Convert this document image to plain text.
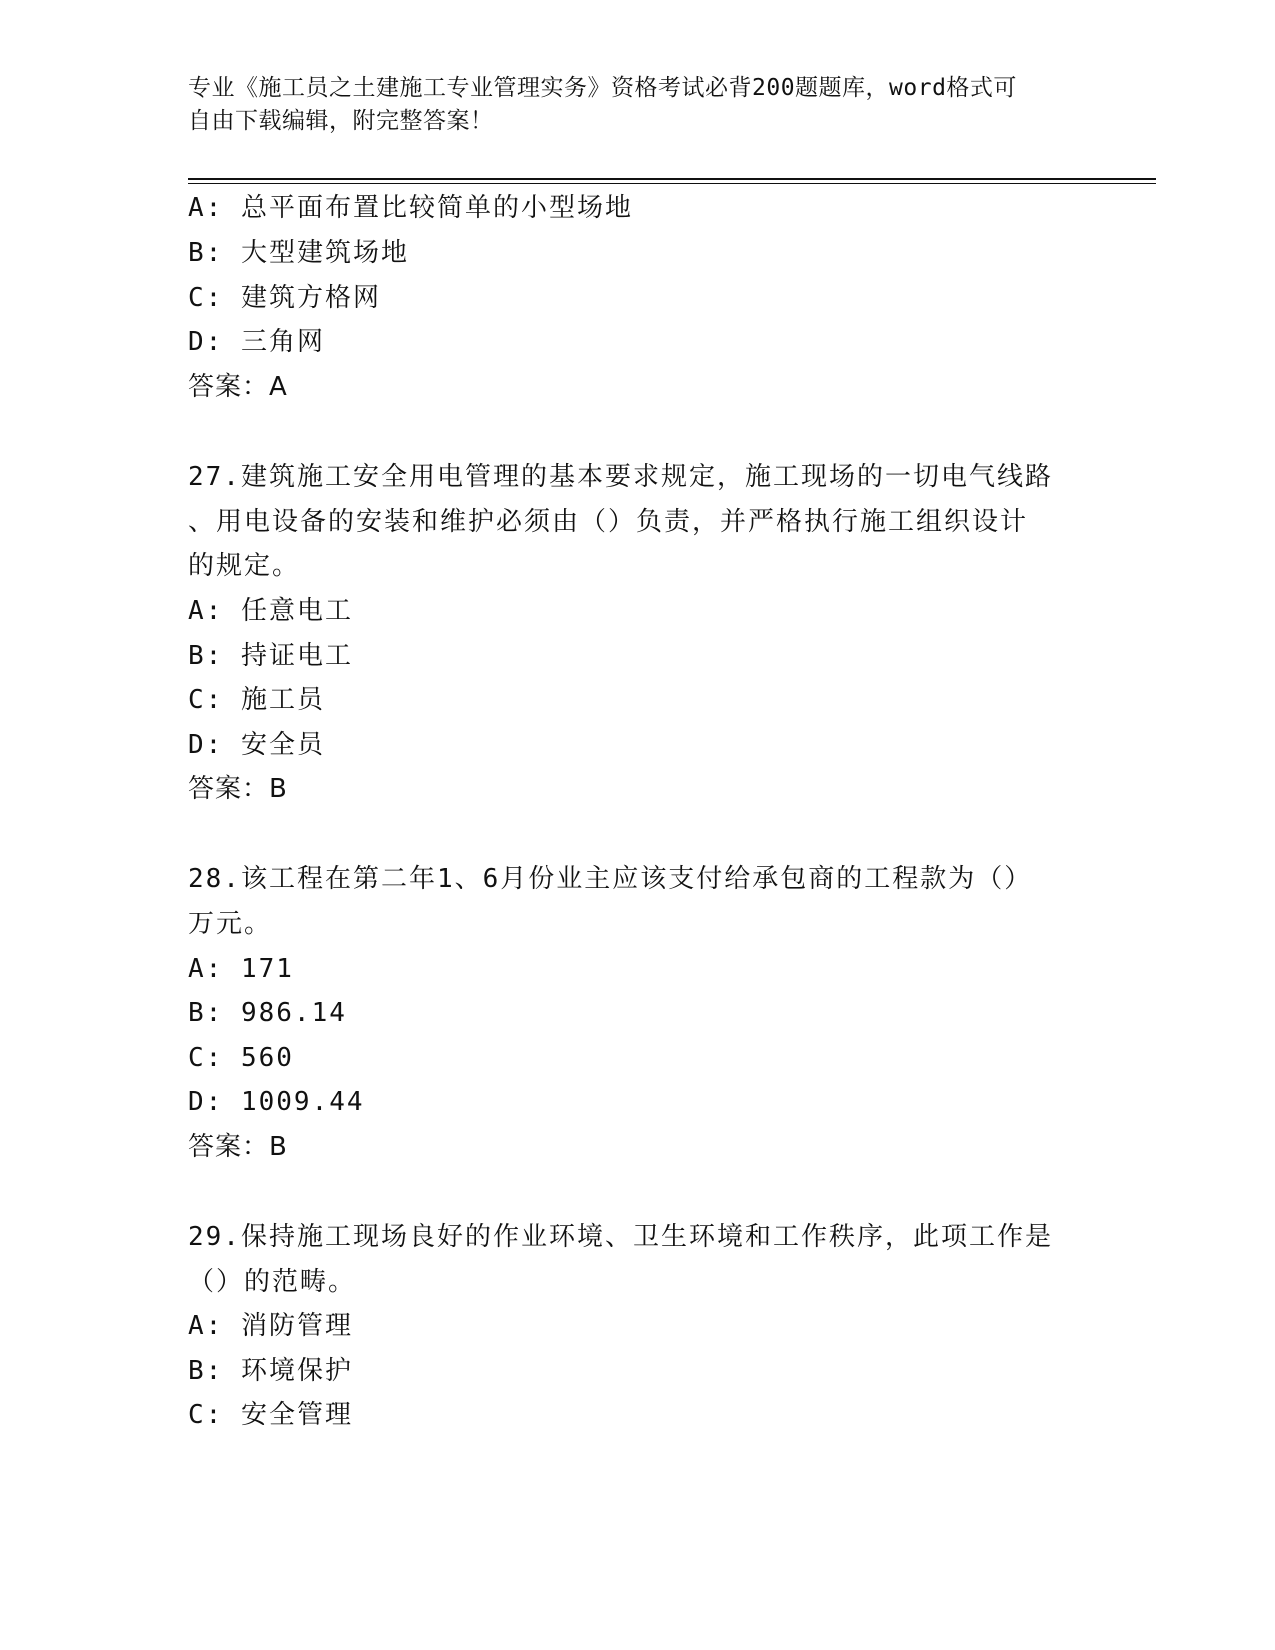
专业《施工员之土建施工专业管理实务》资格考试必背200题题库，word格式可
自由下载编辑，附完整答案！
A: 总平面布置比较简单的小型场地
B: 大型建筑场地
C: 建筑方格网
D: 三角网
答案：A
27.建筑施工安全用电管理的基本要求规定，施工现场的一切电气线路
、用电设备的安装和维护必须由（）负责，并严格执行施工组织设计
的规定。
A: 任意电工
B: 持证电工
C: 施工员
D: 安全员
答案：B
28.该工程在第二年1、6月份业主应该支付给承包商的工程款为（）
万元。
A: 171
B: 986.14
C: 560
D: 1009.44
答案：B
29.保持施工现场良好的作业环境、卫生环境和工作秩序，此项工作是
（）的范畴。
A: 消防管理
B: 环境保护
C: 安全管理
